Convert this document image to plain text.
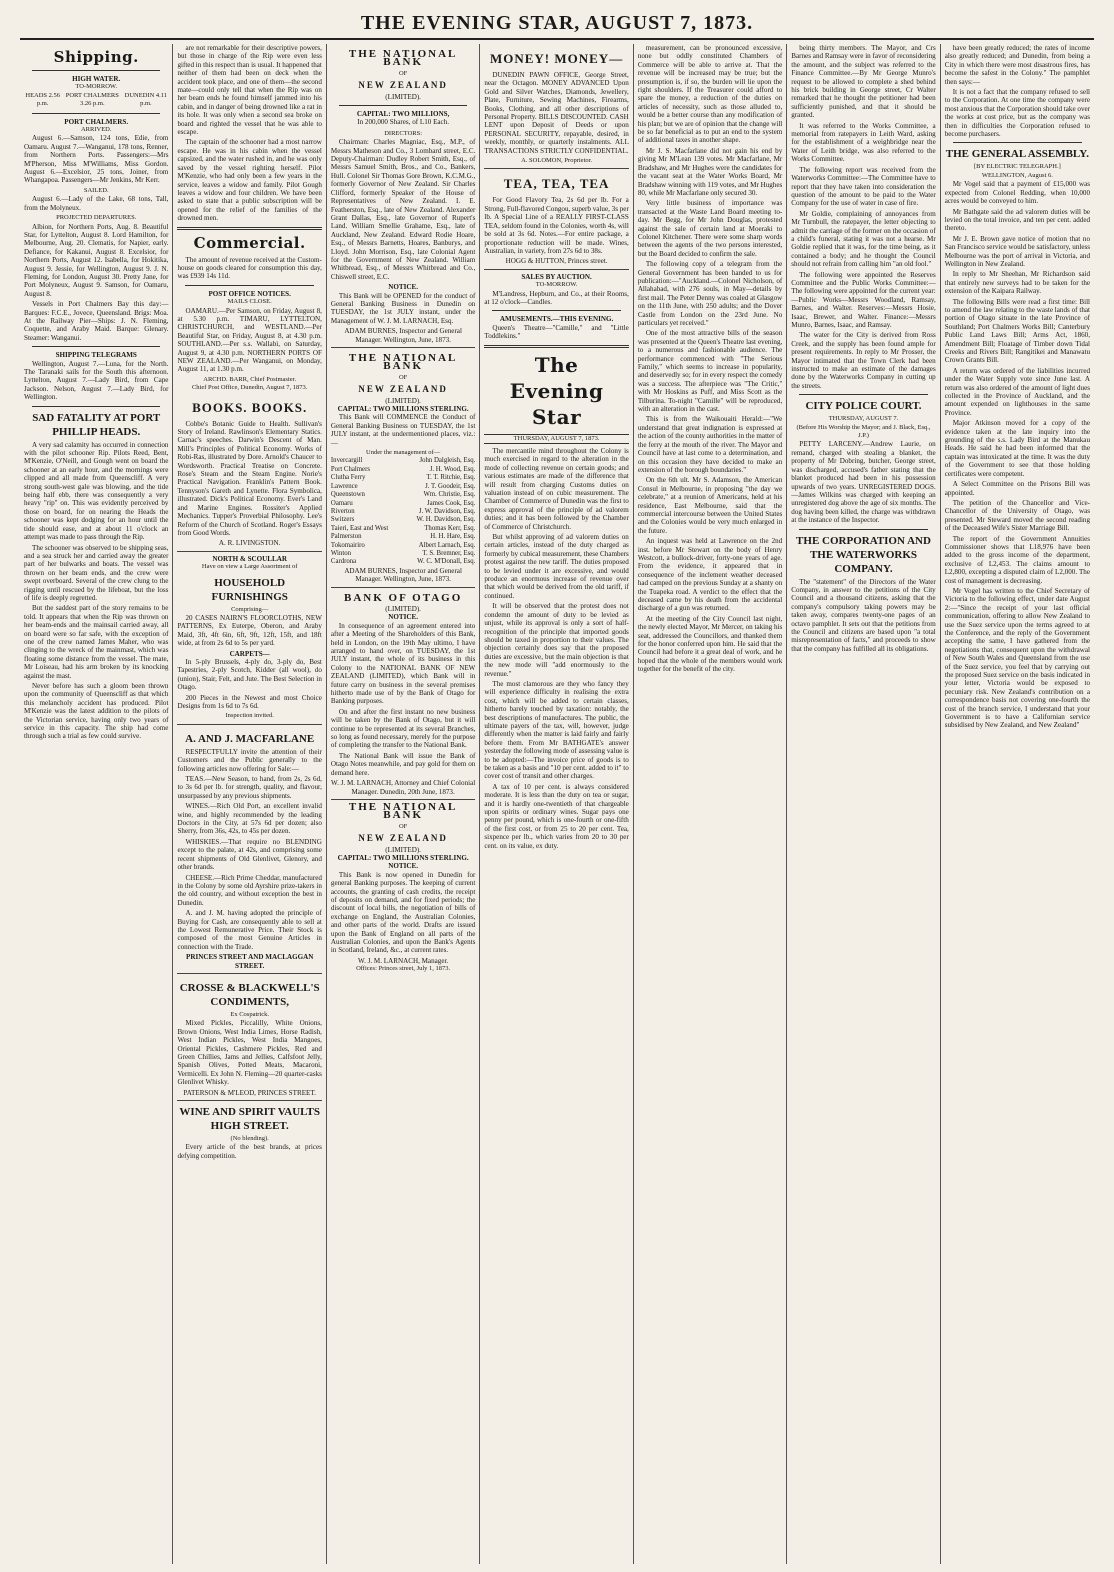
THE EVENING STAR, AUGUST 7, 1873.
Shipping.
HIGH WATER.
TO-MORROW.
HEADS 2.56 p.m.	PORT CHALMERS 3.26 p.m.	DUNEDIN 4.11 p.m.
PORT CHALMERS.
ARRIVED.

August 6.—Samson, 124 tons, Edie, from Oamaru. August 7.—Wanganui, 178 tons, Renner, from Northern Ports. Passengers:—Mrs M'Pherson, Miss M'Williams, Miss Gordon. August 6.—Excelsior, 25 tons, Joiner, from Whangapoa. Passengers—Mr Jenkins, Mr Kerr.

SAILED.

August 6.—Lady of the Lake, 68 tons, Tall, from the Molyneux.

PROJECTED DEPARTURES.

Albion, for Northern Ports, Aug. 8. Beautiful Star, for Lyttelton, August 8. Lord Hamilton, for Melbourne, Aug. 20. Clematis, for Napier, early. Defiance, for Kakanui, August 8. Excelsior, for Northern Ports, August 12. Isabella, for Hokitika, August 9. Jessie, for Wellington, August 9. J. N. Fleming, for London, August 30. Pretty Jane, for Port Molyneux, August 9. Samson, for Oamaru, August 8.

Vessels in Port Chalmers Bay this day:—Barques: F.C.E., Jovece, Queensland. Brigs: Moa. At the Railway Pier—Ships: J. N. Fleming, Coquette, and Araby Maid. Barque: Glenary. Steamer: Wanganui.

SHIPPING TELEGRAMS

Wellington, August 7.—Luna, for the North. The Taranaki sails for the South this afternoon. Lyttelton, August 7.—Lady Bird, from Cape Jackson. Nelson, August 7.—Lady Bird, for Wellington.

SAD FATALITY AT PORT PHILLIP HEADS.

A very sad calamity has occurred in connection with the pilot schooner Rip. Pilots Reed, Bent, M'Kenzie, O'Neill, and Gough went on board the schooner at an early hour, and the mornings were clipped and all made from Queenscliff. A very strong south-west gale was blowing, and the tide being half ebb, there was consequently a very heavy "rip" on. This was evidently perceived by those on board, for on nearing the Heads the schooner was kept dodging for an hour until the tide should ease, and at about 11 o'clock an attempt was made to pass through the Rip.

The schooner was observed to be shipping seas, and a sea struck her and carried away the greater part of her bulwarks and boats. The vessel was thrown on her beam ends, and the crew were swept overboard. Several of the crew clung to the rigging until rescued by the lifeboat, but the loss of life is deeply regretted.

But the saddest part of the story remains to be told. It appears that when the Rip was thrown on her beam-ends and the mainsail carried away, all on board were so far safe, with the exception of one of the crew named James Maher, who was clinging to the wreck of the mainmast, which was floating some distance from the vessel. The mate, Mr Loiseau, had his arm broken by its knocking against the mast.

Never before has such a gloom been thrown upon the community of Queenscliff as that which this melancholy accident has produced. Pilot M'Kenzie was the latest addition to the pilots of the Victorian service, having only two years of service in this capacity. The ship had come through such a trial as few could survive.

are not remarkable for their descriptive powers, but those in charge of the Rip were even less gifted in this respect than is usual. It happened that neither of them had been on deck when the accident took place, and one of them—the second mate—could only tell that when the Rip was on her beam ends he found himself jammed into his cabin, and in danger of being drowned like a rat in its hole. It was only when a second sea broke on board and righted the vessel that he was able to escape.

The captain of the schooner had a most narrow escape. He was in his cabin when the vessel capsized, and the water rushed in, and he was only saved by the vessel righting herself. Pilot M'Kenzie, who had only been a few years in the service, leaves a widow and family. Pilot Gough leaves a widow and four children. We have been asked to state that a public subscription will be opened for the relief of the families of the drowned men.

Commercial.

The amount of revenue received at the Custom-house on goods cleared for consumption this day, was £939 14s 11d.

POST OFFICE NOTICES.
MAILS CLOSE.

OAMARU.—Per Samson, on Friday, August 8, at 5.30 p.m. TIMARU, LYTTELTON, CHRISTCHURCH, and WESTLAND.—Per Beautiful Star, on Friday, August 8, at 4.30 p.m. SOUTHLAND.—Per s.s. Wallabi, on Saturday, August 9, at 4.30 p.m. NORTHERN PORTS OF NEW ZEALAND.—Per Wanganui, on Monday, August 11, at 1.30 p.m.

ARCHD. BARR, Chief Postmaster.
Chief Post Office, Dunedin, August 7, 1873.
BOOKS. BOOKS.

Cobbe's Botanic Guide to Health. Sullivan's Story of Ireland. Rawlinson's Elementary Statics. Carnac's speeches. Darwin's Descent of Man. Mill's Principles of Political Economy. Works of Robi-Ras, illustrated by Dore. Arnold's Chaucer to Wordsworth. Practical Treatise on Concrete. Rose's Steam and the Steam Engine. Norie's Practical Navigation. Franklin's Pattern Book. Tennyson's Gareth and Lynette. Flora Symbolica, illustrated. Dick's Political Economy. Ever's Land and Marine Engines. Rossiter's Applied Mechanics. Tupper's Proverbial Philosophy. Lee's Reform of the Church of Scotland. Roger's Essays from Good Words.

A. R. LIVINGSTON.
NORTH & SCOULLAR
Have on view a Large Assortment of
HOUSEHOLD FURNISHINGS
Comprising—

20 CASES NAIRN'S FLOORCLOTHS, NEW PATTERNS, Ex Euterpe, Oberon, and Araby Maid, 3ft, 4ft 6in, 6ft, 9ft, 12ft, 15ft, and 18ft wide, at from 2s 6d to 5s per yard.

CARPETS—

In 5-ply Brussels, 4-ply do, 3-ply do, Best Tapestries, 2-ply Scotch, Kidder (all wool), do (union), Stair, Felt, and Jute. The Best Selection in Otago.

200 Pieces in the Newest and most Choice Designs from 1s 6d to 7s 6d.

Inspection invited.
A. AND J. MACFARLANE

RESPECTFULLY invite the attention of their Customers and the Public generally to the following articles now offering for Sale:—

TEAS.—New Season, to hand, from 2s, 2s 6d, to 3s 6d per lb. for strength, quality, and flavour, unsurpassed by any previous shipments.

WINES.—Rich Old Port, an excellent invalid wine, and highly recommended by the leading Doctors in the City, at 57s 6d per dozen; also Sherry, from 36s, 42s, to 45s per dozen.

WHISKIES.—That require no BLENDING except to the palate, at 42s, and comprising some recent shipments of Old Glenlivet, Glenory, and other brands.

CHEESE.—Rich Prime Cheddar, manufactured in the Colony by some old Ayrshire prize-takers in the old country, and without exception the best in Dunedin.

A. and J. M. having adopted the principle of Buying for Cash, are consequently able to sell at the Lowest Remunerative Price. Their Stock is composed of the most Genuine Articles in connection with the Trade.

PRINCES STREET AND MACLAGGAN STREET.
CROSSE & BLACKWELL'S CONDIMENTS,
Ex Cospatrick.

Mixed Pickles, Piccalilly, White Onions, Brown Onions, West India Limes, Horse Radish, West Indian Pickles, West India Mangoes, Oriental Pickles, Cashmere Pickles, Red and Green Chillies, Jams and Jellies, Calfsfoot Jelly, Spanish Olives, Potted Meats, Macaroni, Vermicelli. Ex John N. Fleming—20 quarter-casks Glenlivet Whisky.

PATERSON & M'LEOD, PRINCES STREET.
WINE AND SPIRIT VAULTS HIGH STREET.
(No blending).

Every article of the best brands, at prices defying competition.

THE NATIONAL BANK
OF
NEW ZEALAND
(LIMITED).
CAPITAL: TWO MILLIONS,
In 200,000 Shares, of L10 Each.
DIRECTORS:

Chairman: Charles Magniac, Esq., M.P., of Messrs Matheson and Co., 3 Lombard street, E.C. Deputy-Chairman: Dudley Robert Smith, Esq., of Messrs Samuel Smith, Bros., and Co., Bankers, Hull. Colonel Sir Thomas Gore Brown, K.C.M.G., formerly Governor of New Zealand. Sir Charles Clifford, formerly Speaker of the House of Representatives of New Zealand. I. E. Featherston, Esq., late of New Zealand. Alexander Grant Dallas, Esq., late Governor of Rupert's Land. William Smellie Grahame, Esq., late of Auckland, New Zealand. Edward Rodie Hoare, Esq., of Messrs Barnetts, Hoares, Banburys, and Lloyd. John Morrison, Esq., late Colonial Agent for the Government of New Zealand. William Whitbread, Esq., of Messrs Whitbread and Co., Chiswell street, E.C.

NOTICE.

This Bank will be OPENED for the conduct of General Banking Business in Dunedin on TUESDAY, the 1st JULY instant, under the Management of W. J. M. LARNACH, Esq.

ADAM BURNES, Inspector and General Manager. Wellington, June, 1873.
THE NATIONAL BANK
OF
NEW ZEALAND
(LIMITED).
CAPITAL: TWO MILLIONS STERLING.

This Bank will COMMENCE the Conduct of General Banking Business on TUESDAY, the 1st JULY instant, at the undermentioned places, viz.:—

Under the management of—
Invercargill	John Dalgleish, Esq.
Port Chalmers	J. H. Wood, Esq.
Clutha Ferry	T. T. Ritchie, Esq.
Lawrence	J. T. Goodeir, Esq.
Queenstown	Wm. Christie, Esq.
Oamaru	James Cook, Esq.
Riverton	J. W. Davidson, Esq.
Switzers	W. H. Davidson, Esq.
Taieri, East and West	Thomas Kerr, Esq.
Palmerston	H. H. Hare, Esq.
Tokomairiro	Albert Larnach, Esq.
Winton	T. S. Bremner, Esq.
Cardrona	W. C. M'Donall, Esq.
ADAM BURNES, Inspector and General Manager. Wellington, June, 1873.
BANK OF OTAGO
(LIMITED).
NOTICE.

In consequence of an agreement entered into after a Meeting of the Shareholders of this Bank, held in London, on the 19th May ultimo, I have arranged to hand over, on TUESDAY, the 1st JULY instant, the whole of its business in this Colony to the NATIONAL BANK OF NEW ZEALAND (LIMITED), which Bank will in future carry on business in the several premises hitherto made use of by the Bank of Otago for Banking purposes.

On and after the first instant no new business will be taken by the Bank of Otago, but it will continue to be represented at its several Branches, so long as found necessary, merely for the purpose of completing the transfer to the National Bank.

The National Bank will issue the Bank of Otago Notes meanwhile, and pay gold for them on demand here.

W. J. M. LARNACH, Attorney and Chief Colonial Manager. Dunedin, 20th June, 1873.
THE NATIONAL BANK
OF
NEW ZEALAND
(LIMITED).
CAPITAL: TWO MILLIONS STERLING.
NOTICE.

This Bank is now opened in Dunedin for general Banking purposes. The keeping of current accounts, the granting of cash credits, the receipt of deposits on demand, and for fixed periods; the discount of local bills, the negotiation of bills of exchange on England, the Australian Colonies, and other parts of the world. Drafts are issued upon the Bank of England on all parts of the Australian Colonies, and upon the Bank's Agents in Scotland, Ireland, &c., at current rates.

W. J. M. LARNACH, Manager.
Offices: Princes street, July 1, 1873.
MONEY! MONEY—

DUNEDIN PAWN OFFICE, George Street, near the Octagon. MONEY ADVANCED Upon Gold and Silver Watches, Diamonds, Jewellery, Plate, Furniture, Sewing Machines, Firearms, Books, Clothing, and all other descriptions of Personal Property. BILLS DISCOUNTED. CASH LENT upon Deposit of Deeds or upon PERSONAL SECURITY, repayable, desired, in weekly, monthly, or quarterly instalments. ALL TRANSACTIONS STRICTLY CONFIDENTIAL.

A. SOLOMON, Proprietor.
TEA, TEA, TEA

For Good Flavory Tea, 2s 6d per lb. For a Strong, Full-flavored Congou, superb value, 3s per lb. A Special Line of a REALLY FIRST-CLASS TEA, seldom found in the Colonies, worth 4s, will be sold at 3s 6d. Notes.—For entire package, a proportionate reduction will be made. Wines, Australian, in variety, from 27s 6d to 38s.

HOGG & HUTTON, Princes street.
SALES BY AUCTION.
TO-MORROW.

M'Landress, Hepburn, and Co., at their Rooms, at 12 o'clock—Candles.

AMUSEMENTS.—THIS EVENING.

Queen's Theatre—"Camille," and "Little Toddlekins."

The Evening Star
THURSDAY, AUGUST 7, 1873.

The mercantile mind throughout the Colony is much exercised in regard to the alteration in the mode of collecting revenue on certain goods; and various estimates are made of the difference that will result from charging Customs duties on valuation instead of on cubic measurement. The Chamber of Commerce of Dunedin was the first to express approval of the principle of ad valorem duties; and it has been followed by the Chamber of Commerce of Christchurch.

But whilst approving of ad valorem duties on certain articles, instead of the duty charged as formerly by cubical measurement, these Chambers protest against the new tariff. The duties proposed to be levied under it are excessive, and would produce an enormous increase of revenue over that which would be derived from the old tariff, if continued.

It will be observed that the protest does not condemn the amount of duty to be levied as unjust, while its approval is only a sort of half-recognition of the principle that imported goods should be taxed in proportion to their values. The objection certainly does say that the proposed duties are excessive, but the main objection is that the new mode will "add enormously to the revenue."

The most clamorous are they who fancy they will experience difficulty in realising the extra cost, which will be added to certain classes, hitherto barely touched by taxation: notably, the best descriptions of manufactures. The public, the ultimate payers of the tax, will, however, judge differently when the matter is laid fairly and fairly before them. From Mr BATHGATE's answer yesterday the following mode of assessing value is to be adopted:—The invoice price of goods is to be taken as a basis and "10 per cent. added to it" to cover cost of transit and other charges.

A tax of 10 per cent. is always considered moderate. It is less than the duty on tea or sugar, and it is hardly one-twentieth of that chargeable upon spirits or ordinary wines. Sugar pays one penny per pound, which is one-fourth or one-fifth of the first cost, or from 25 to 20 per cent. Tea, sixpence per lb., which varies from 20 to 30 per cent. on its value, ex duty.

measurement, can be pronounced excessive, none but oddly constituted Chambers of Commerce will be able to arrive at. That the revenue will be increased may be true; but the presumption is, if so, the burden will lie upon the right shoulders. If the Treasurer could afford to spare the money, a reduction of the duties on articles of necessity, such as those alluded to, would be a better course than any modification of his plan; but we are of opinion that the change will be so far beneficial as to put an end to the system of additional taxes in another shape.

Mr J. S. Macfarlane did not gain his end by giving Mr M'Lean 139 votes. Mr Macfarlane, Mr Bradshaw, and Mr Hughes were the candidates for the vacant seat at the Water Works Board, Mr Bradshaw winning with 119 votes, and Mr Hughes 80, while Mr Macfarlane only secured 30.

Very little business of importance was transacted at the Waste Land Board meeting to-day. Mr Begg, for Mr John Douglas, protested against the sale of certain land at Moeraki to Colonel Kitchener. There were some sharp words between the agents of the two persons interested, but the Board decided to confirm the sale.

The following copy of a telegram from the General Government has been handed to us for publication:—"Auckland.—Colonel Nicholson, of Allahabad, with 276 souls, in May—details by first mail. The Peter Denny was coaled at Glasgow on the 11th June, with 250 adults; and the Dover Castle from London on the 23rd June. No particulars yet received."

One of the most attractive bills of the season was presented at the Queen's Theatre last evening, to a numerous and fashionable audience. The performance commenced with "The Serious Family," which seems to increase in popularity, and deservedly so; for in every respect the comedy was a success. The afterpiece was "The Critic," with Mr Hoskins as Puff, and Miss Scott as the Tilburina. To-night "Camille" will be reproduced, with an alteration in the cast.

This is from the Waikouaiti Herald:—"We understand that great indignation is expressed at the action of the county authorities in the matter of the ferry at the mouth of the river. The Mayor and Council have at last come to a determination, and on this occasion they have decided to make an extension of the borough boundaries."

On the 6th ult. Mr S. Adamson, the American Consul in Melbourne, in proposing "the day we celebrate," at a reunion of Americans, held at his residence, East Melbourne, said that the commercial intercourse between the United States and the Colonies would be very much enlarged in the future.

An inquest was held at Lawrence on the 2nd inst. before Mr Stewart on the body of Henry Westcott, a bullock-driver, forty-one years of age. From the evidence, it appeared that in consequence of the inclement weather deceased had camped on the previous Sunday at a shanty on the Tuapeka road. A verdict to the effect that the deceased came by his death from the accidental discharge of a gun was returned.

At the meeting of the City Council last night, the newly elected Mayor, Mr Mercer, on taking his seat, addressed the Councillors, and thanked them for the honor conferred upon him. He said that the Council had before it a great deal of work, and he hoped that the whole of the members would work together for the benefit of the city.

being thirty members. The Mayor, and Crs Barnes and Ramsay were in favor of reconsidering the amount, and the subject was referred to the Finance Committee.—By Mr George Munro's request to be allowed to complete a shed behind his brick building in George street, Cr Walter remarked that he thought the petitioner had been sufficiently punished, and that it should be granted.

It was referred to the Works Committee, a memorial from ratepayers in Leith Ward, asking for the establishment of a weighbridge near the Water of Leith bridge, was also referred to the Works Committee.

The following report was received from the Waterworks Committee:—The Committee have to report that they have taken into consideration the question of the amount to be paid to the Water Company for the use of water in case of fire.

Mr Goldie, complaining of annoyances from Mr Turnbull, the ratepayer, the letter objecting to admit the carriage of the former on the occasion of a child's funeral, stating it was not a hearse. Mr Goldie replied that it was, for the time being, as it contained a body; and he thought the Council should not refrain from calling him "an old fool."

The following were appointed the Reserves Committee and the Public Works Committee:—The following were appointed for the current year:—Public Works—Messrs Woodland, Ramsay, Barnes, and Walter. Reserves:—Messrs Hosie, Isaac, Brewer, and Walter. Finance:—Messrs Munro, Barnes, Isaac, and Ramsay.

The water for the City is derived from Ross Creek, and the supply has been found ample for present requirements. In reply to Mr Prosser, the Mayor intimated that the Town Clerk had been instructed to make an estimate of the damages done by the Waterworks Company in cutting up the streets.

CITY POLICE COURT.
THURSDAY, AUGUST 7.
(Before His Worship the Mayor; and J. Black, Esq., J.P.)

PETTY LARCENY.—Andrew Laurie, on remand, charged with stealing a blanket, the property of Mr Dobring, butcher, George street, was discharged, accused's father stating that the blanket produced had been in his possession upwards of two years. UNREGISTERED DOGS.—James Wilkins was charged with keeping an unregistered dog above the age of six months. The dog having been killed, the charge was withdrawn at the instance of the Inspector.

THE CORPORATION AND THE WATERWORKS COMPANY.

The "statement" of the Directors of the Water Company, in answer to the petitions of the City Council and a thousand citizens, asking that the company's compulsory taking powers may be taken away, compares twenty-one pages of an octavo pamphlet. It sets out that the petitions from the Council and citizens are based upon "a total misrepresentation of facts," and proceeds to show that the company has fulfilled all its obligations.

have been greatly reduced; the rates of income also greatly reduced; and Dunedin, from being a City in which there were most disastrous fires, has become the safest in the Colony." The pamphlet then says:—

It is not a fact that the company refused to sell to the Corporation. At one time the company were most anxious that the Corporation should take over the works at cost price, but as the company was then in difficulties the Corporation refused to become purchasers.

THE GENERAL ASSEMBLY.
[BY ELECTRIC TELEGRAPH.]
WELLINGTON, August 6.

Mr Vogel said that a payment of £15,000 was expected from Colonel Redding, when 10,000 acres would be conveyed to him.

Mr Bathgate said the ad valorem duties will be levied on the total invoice, and ten per cent. added thereto.

Mr J. E. Brown gave notice of motion that no San Francisco service would be satisfactory, unless Melbourne was the port of arrival in Victoria, and Wellington in New Zealand.

In reply to Mr Sheehan, Mr Richardson said that entirely new surveys had to be taken for the extension of the Kaipara Railway.

The following Bills were read a first time: Bill to amend the law relating to the waste lands of that portion of Otago situate in the late Province of Southland; Port Chalmers Works Bill; Canterbury Public Land Laws Bill; Arms Act, 1860, Amendment Bill; Floatage of Timber down Tidal Creeks and Rivers Bill; Rangitikei and Manawatu Crown Grants Bill.

A return was ordered of the liabilities incurred under the Water Supply vote since June last. A return was also ordered of the amount of light dues collected in the Province of Auckland, and the amount expended on lighthouses in the same Province.

Major Atkinson moved for a copy of the evidence taken at the late inquiry into the grounding of the s.s. Lady Bird at the Manukau Heads. He said he had been informed that the captain was intoxicated at the time. It was the duty of the Government to see that those holding certificates were competent.

A Select Committee on the Prisons Bill was appointed.

The petition of the Chancellor and Vice-Chancellor of the University of Otago, was presented. Mr Steward moved the second reading of the Deceased Wife's Sister Marriage Bill.

The report of the Government Annuities Commissioner shows that L18,976 have been added to the gross income of the department, exclusive of L2,453. The claims amount to L2,800, excepting a disputed claim of L2,000. The cost of management is decreasing.

Mr Vogel has written to the Chief Secretary of Victoria to the following effect, under date August 2:—"Since the receipt of your last official communication, offering to allow New Zealand to use the Suez service upon the terms agreed to at the Conference, and the reply of the Government accepting the same, I have gathered from the negotiations that, consequent upon the withdrawal of New South Wales and Queensland from the use of the Suez service, you feel that by carrying out the proposed Suez service on the basis indicated in your letter, Victoria would be exposed to pecuniary risk. New Zealand's contribution on a correspondence basis not covering one-fourth the cost of the branch service, I understand that your Government is to have a Californian service subsidised by New Zealand, and New Zealand"
